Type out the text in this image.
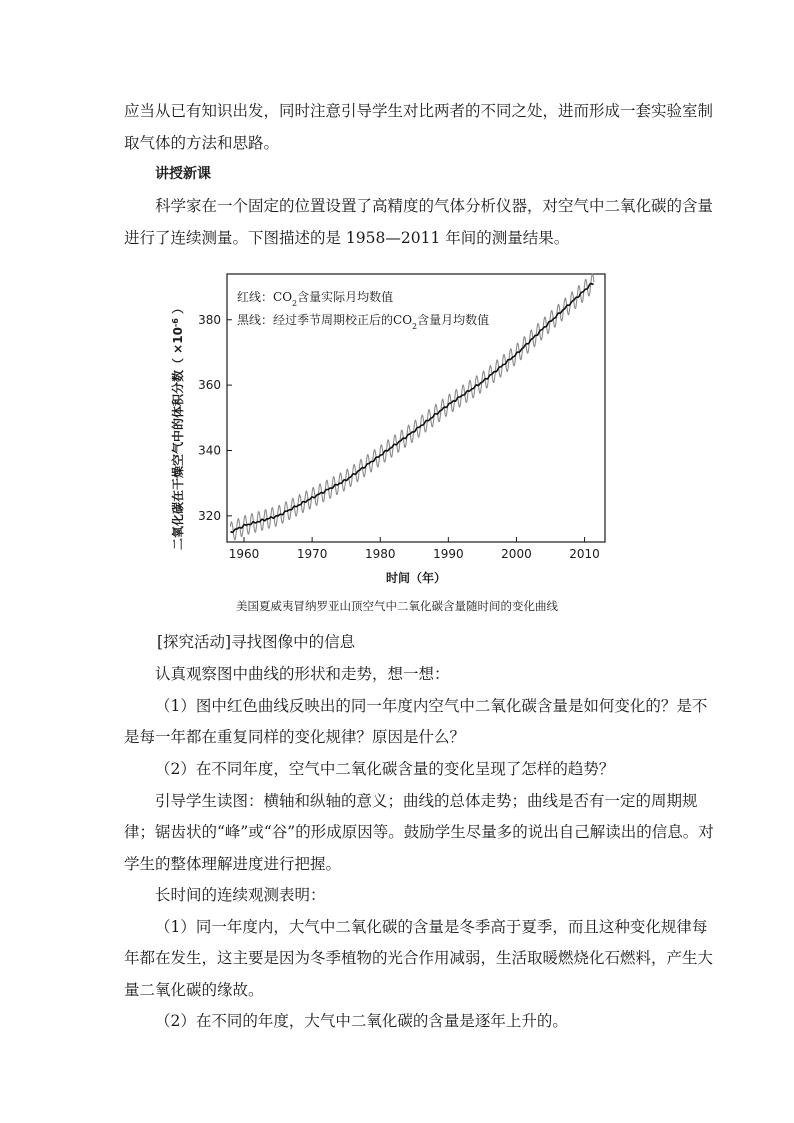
应当从已有知识出发，同时注意引导学生对比两者的不同之处，进而形成一套实验室制
取气体的方法和思路。
讲授新课
科学家在一个固定的位置设置了高精度的气体分析仪器，对空气中二氧化碳的含量
进行了连续测量。下图描述的是 1958—2011 年间的测量结果。
1960	1970	1980	1990	2000	2010
320
340
360
380
红线：$CO_2$含量实际月均数值
黑线：经过季节周期校正后的$CO_2$含量月均数值
二氧化碳在干燥空气中的体积分数（ $\times 10^{-6}$ ）
时间（年）
美国夏威夷冒纳罗亚山顶空气中二氧化碳含量随时间的变化曲线
[探究活动]寻找图像中的信息
认真观察图中曲线的形状和走势，想一想：
（1）图中红色曲线反映出的同一年度内空气中二氧化碳含量是如何变化的？是不
是每一年都在重复同样的变化规律？原因是什么？
（2）在不同年度，空气中二氧化碳含量的变化呈现了怎样的趋势？
引导学生读图：横轴和纵轴的意义；曲线的总体走势；曲线是否有一定的周期规
律；锯齿状的“峰”或“谷”的形成原因等。鼓励学生尽量多的说出自己解读出的信息。对
学生的整体理解进度进行把握。
长时间的连续观测表明：
（1）同一年度内，大气中二氧化碳的含量是冬季高于夏季，而且这种变化规律每
年都在发生，这主要是因为冬季植物的光合作用减弱，生活取暖燃烧化石燃料，产生大
量二氧化碳的缘故。
（2）在不同的年度，大气中二氧化碳的含量是逐年上升的。
